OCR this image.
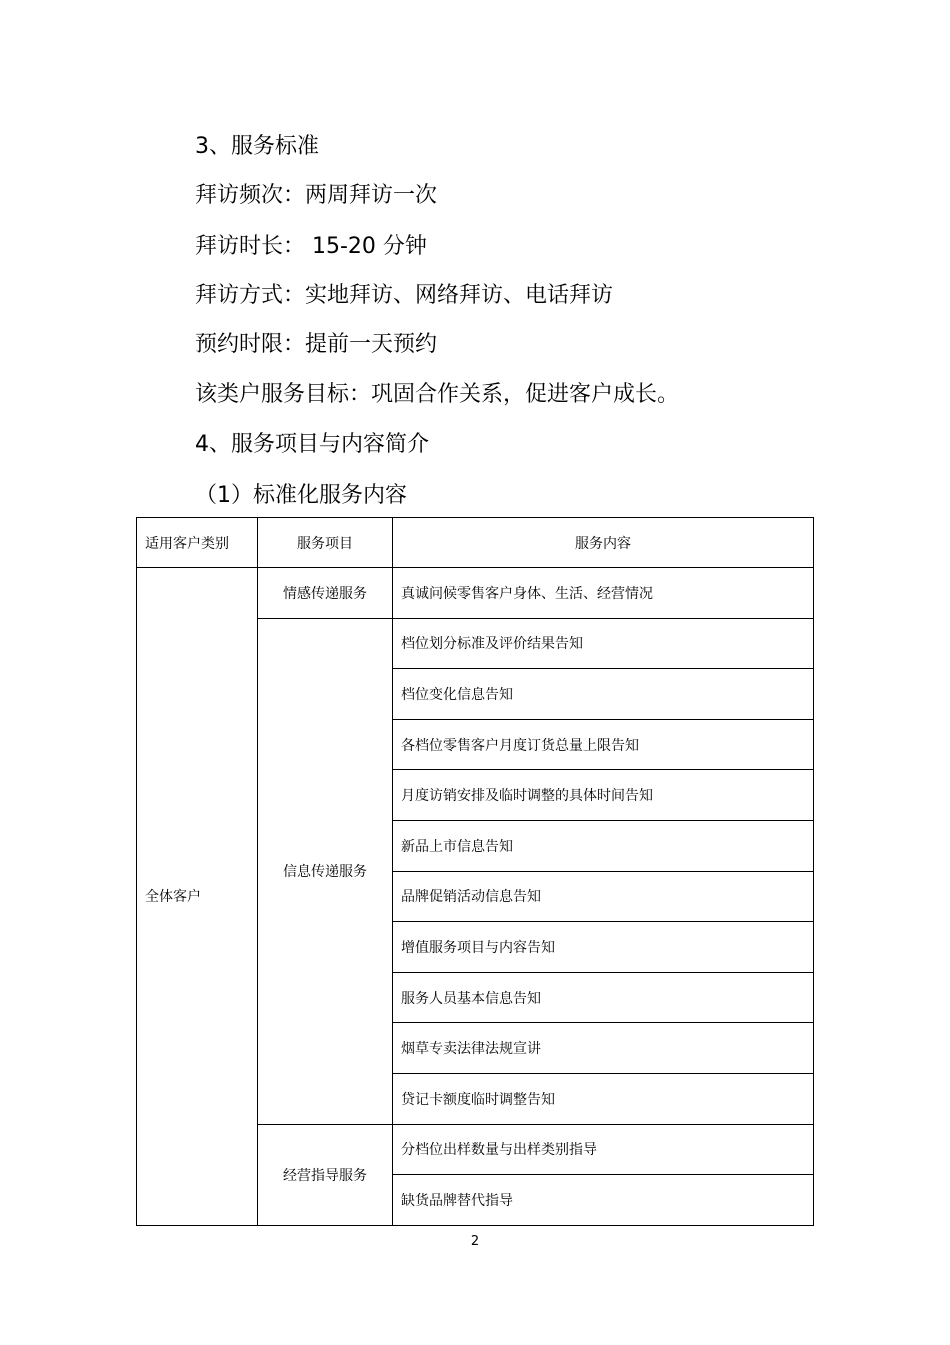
3、服务标准
拜访频次：两周拜访一次
拜访时长： 15-20 分钟
拜访方式：实地拜访、网络拜访、电话拜访
预约时限：提前一天预约
该类户服务目标：巩固合作关系，促进客户成长。
4、服务项目与内容简介
（1）标准化服务内容
适用客户类别	服务项目	服务内容
全体客户	情感传递服务	真诚问候零售客户身体、生活、经营情况
	信息传递服务	档位划分标准及评价结果告知
		档位变化信息告知
		各档位零售客户月度订货总量上限告知
		月度访销安排及临时调整的具体时间告知
		新品上市信息告知
		品牌促销活动信息告知
		增值服务项目与内容告知
		服务人员基本信息告知
		烟草专卖法律法规宣讲
		贷记卡额度临时调整告知
	经营指导服务	分档位出样数量与出样类别指导
		缺货品牌替代指导
2
